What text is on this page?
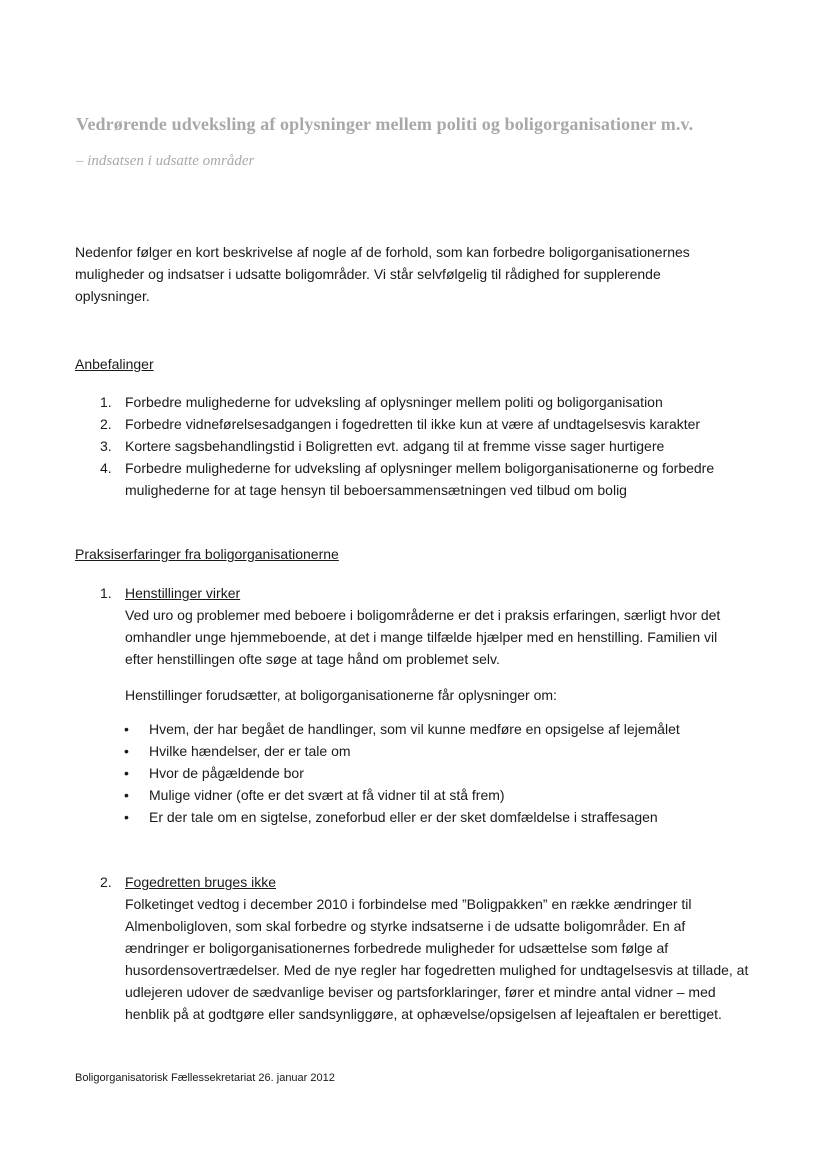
Vedrørende udveksling af oplysninger mellem politi og boligorganisationer m.v.
– indsatsen i udsatte områder
Nedenfor følger en kort beskrivelse af nogle af de forhold, som kan forbedre boligorganisationernes muligheder og indsatser i udsatte boligområder. Vi står selvfølgelig til rådighed for supplerende oplysninger.
Anbefalinger
1. Forbedre mulighederne for udveksling af oplysninger mellem politi og boligorganisation
2. Forbedre vidneførelsesadgangen i fogedretten til ikke kun at være af undtagelsesvis karakter
3. Kortere sagsbehandlingstid i Boligretten evt. adgang til at fremme visse sager hurtigere
4. Forbedre mulighederne for udveksling af oplysninger mellem boligorganisationerne og forbedre mulighederne for at tage hensyn til beboersammensætningen ved tilbud om bolig
Praksiserfaringer fra boligorganisationerne
1. Henstillinger virker
Ved uro og problemer med beboere i boligområderne er det i praksis erfaringen, særligt hvor det omhandler unge hjemmeboende, at det i mange tilfælde hjælper med en henstilling. Familien vil efter henstillingen ofte søge at tage hånd om problemet selv.
Henstillinger forudsætter, at boligorganisationerne får oplysninger om:
• Hvem, der har begået de handlinger, som vil kunne medføre en opsigelse af lejemålet
• Hvilke hændelser, der er tale om
• Hvor de pågældende bor
• Mulige vidner (ofte er det svært at få vidner til at stå frem)
• Er der tale om en sigtelse, zoneforbud eller er der sket domfældelse i straffesagen
2. Fogedretten bruges ikke
Folketinget vedtog i december 2010 i forbindelse med ”Boligpakken” en række ændringer til Almenboligloven, som skal forbedre og styrke indsatserne i de udsatte boligområder. En af ændringer er boligorganisationernes forbedrede muligheder for udsættelse som følge af husordensovertrædelser. Med de nye regler har fogedretten mulighed for undtagelsesvis at tillade, at udlejeren udover de sædvanlige beviser og partsforklaringer, fører et mindre antal vidner – med henblik på at godtgøre eller sandsynliggøre, at ophævelse/opsigelsen af lejeaftalen er berettiget.
Boligorganisatorisk Fællessekretariat 26. januar 2012
